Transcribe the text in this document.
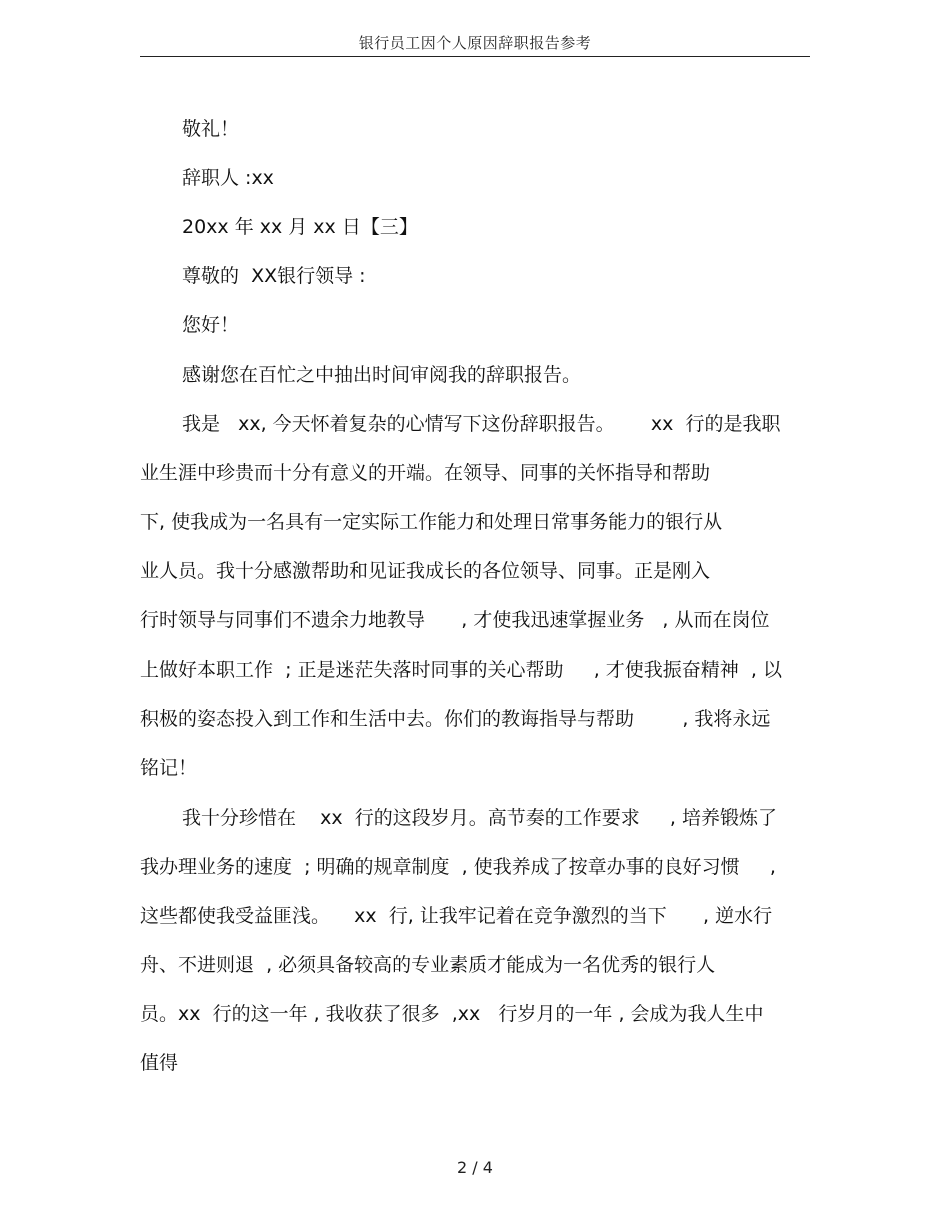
银行员工因个人原因辞职报告参考
敬礼！
辞职人 :xx
20xx 年 xx 月 xx 日【三】
尊敬的  XX银行领导 :
您好！
感谢您在百忙之中抽出时间审阅我的辞职报告。
我是   xx, 今天怀着复杂的心情写下这份辞职报告。      xx  行的是我职
业生涯中珍贵而十分有意义的开端。在领导、同事的关怀指导和帮助
下, 使我成为一名具有一定实际工作能力和处理日常事务能力的银行从
业人员。我十分感激帮助和见证我成长的各位领导、同事。正是刚入
行时领导与同事们不遗余力地教导      , 才使我迅速掌握业务   , 从而在岗位
上做好本职工作  ; 正是迷茫失落时同事的关心帮助     , 才使我振奋精神  , 以
积极的姿态投入到工作和生活中去。你们的教诲指导与帮助        , 我将永远
铭记！
我十分珍惜在    xx  行的这段岁月。高节奏的工作要求     , 培养锻炼了
我办理业务的速度  ; 明确的规章制度  , 使我养成了按章办事的良好习惯     ,
这些都使我受益匪浅。    xx  行, 让我牢记着在竞争激烈的当下      , 逆水行
舟、不进则退  , 必须具备较高的专业素质才能成为一名优秀的银行人
员。xx  行的这一年 , 我收获了很多  ,xx   行岁月的一年 , 会成为我人生中
值得
2 / 4
